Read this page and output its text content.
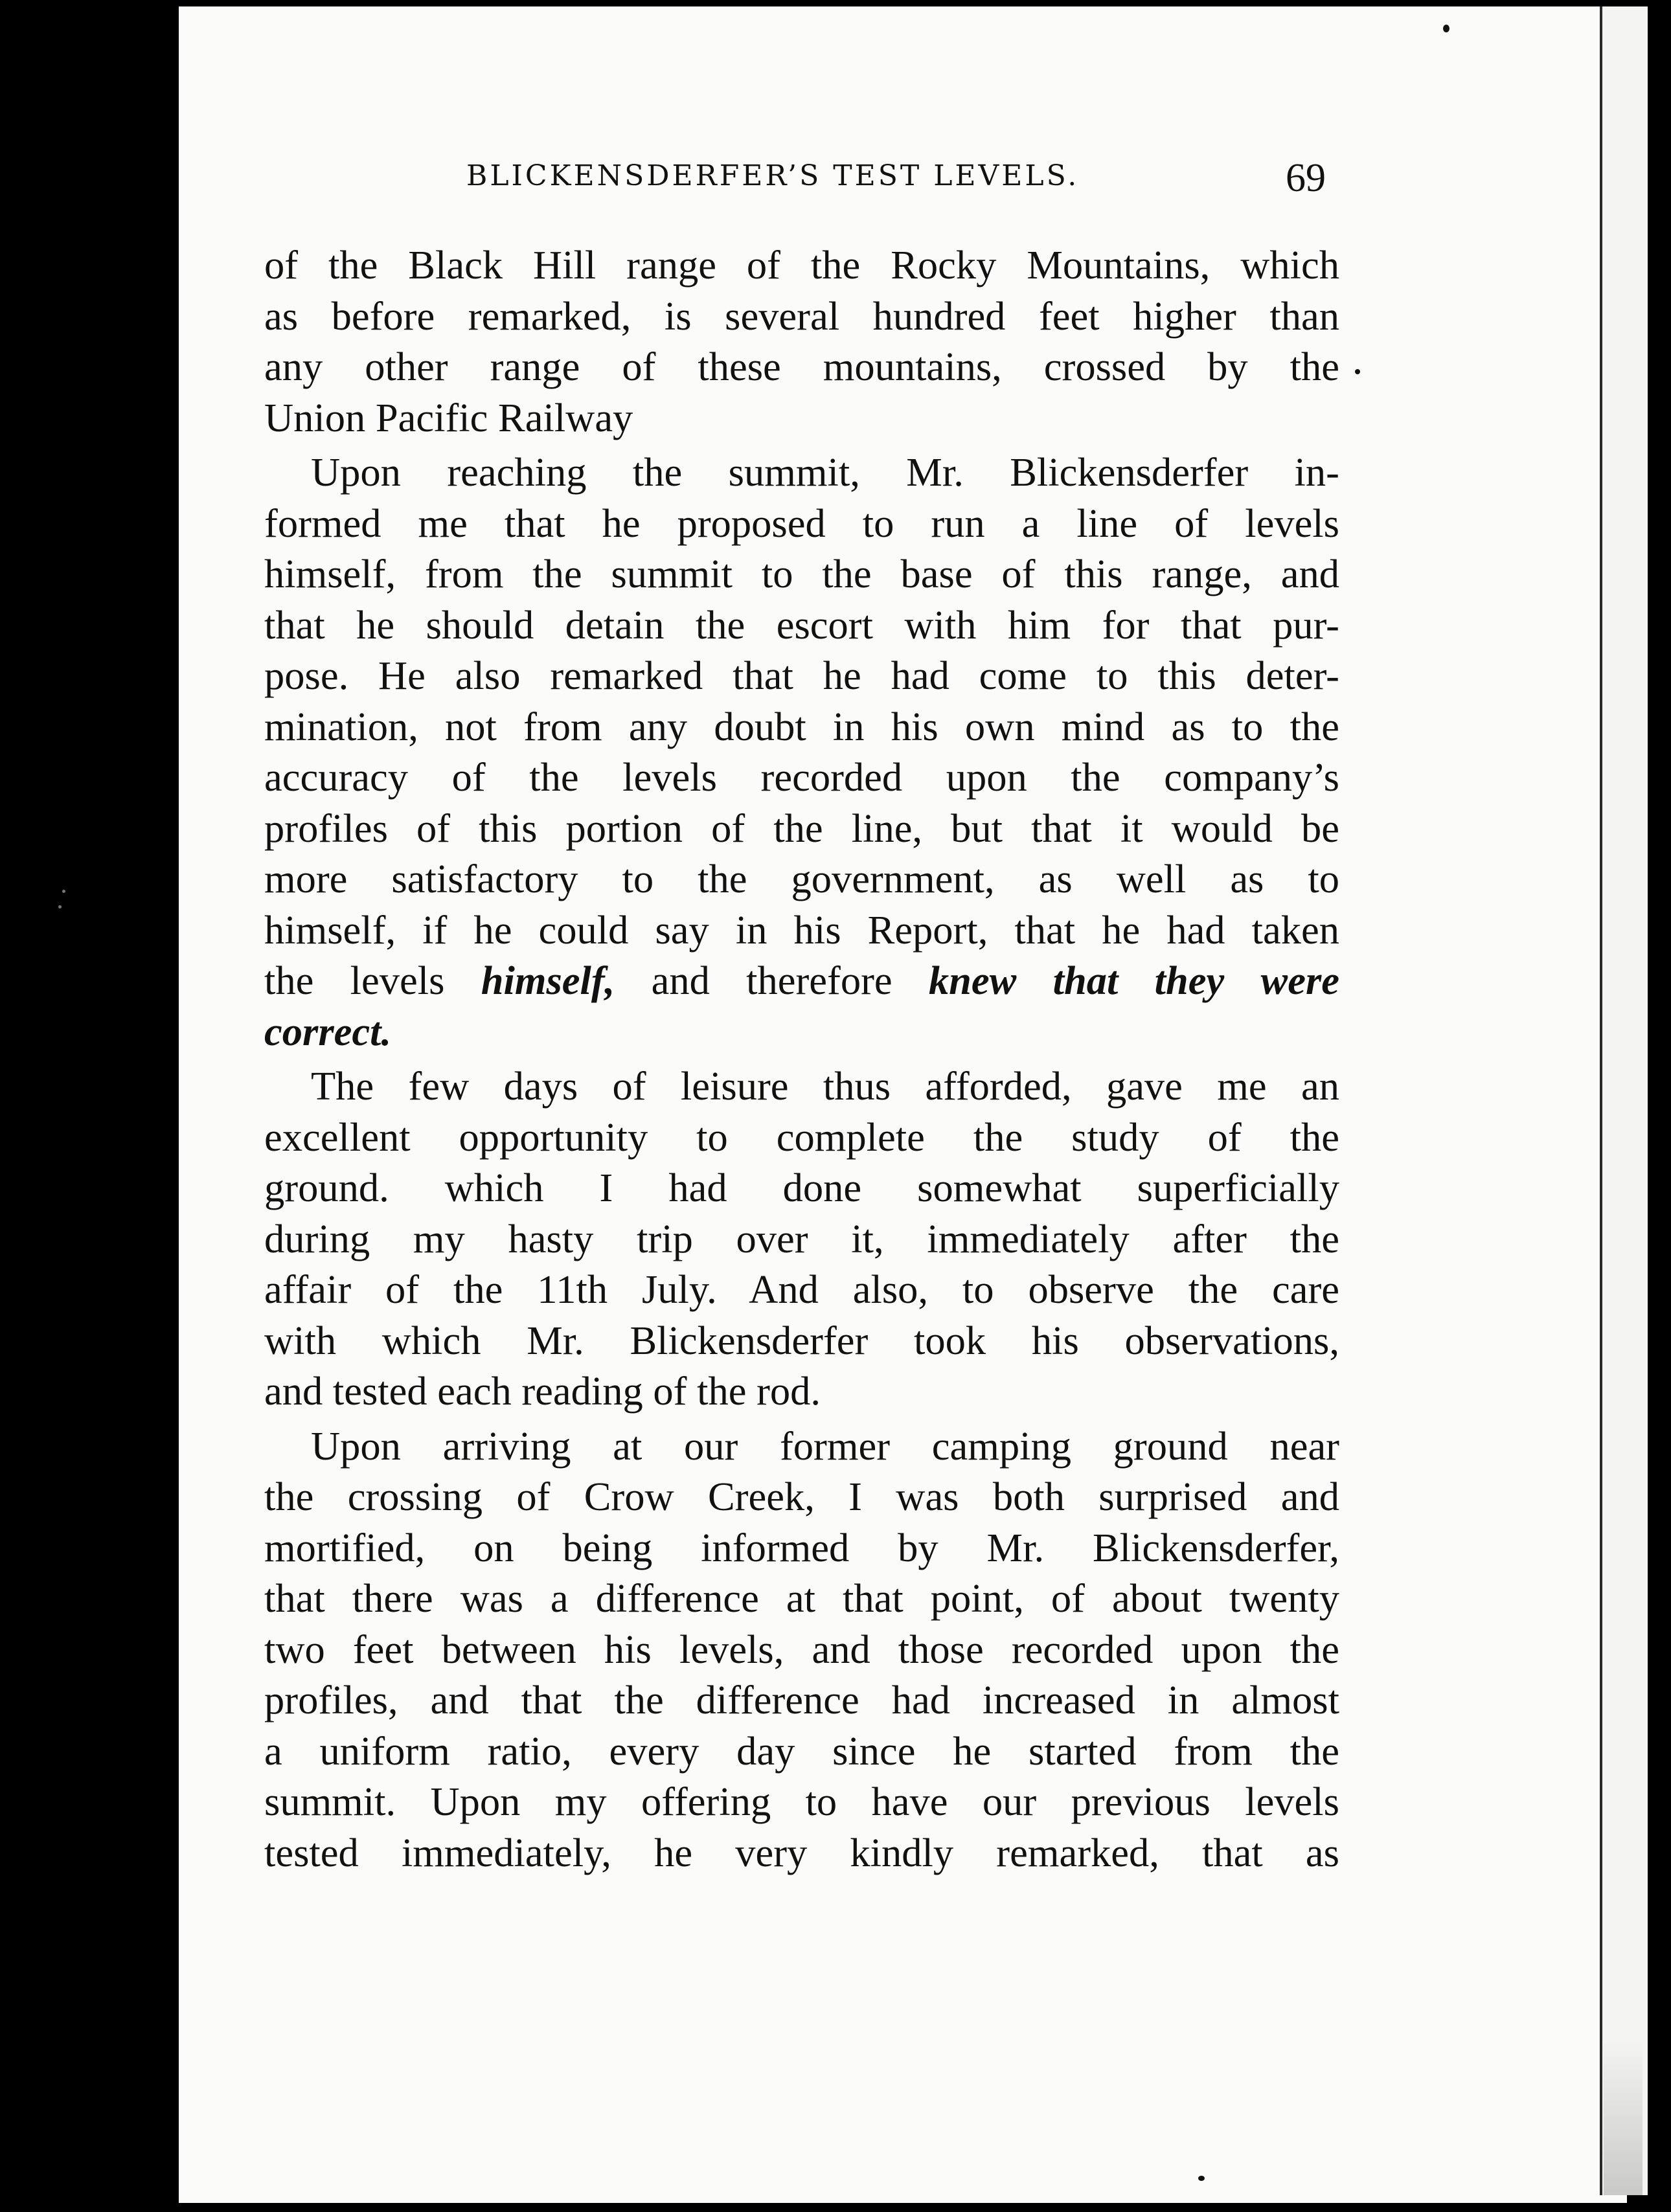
BLICKENSDERFER’S TEST LEVELS.	69
of the Black Hill range of the Rocky Mountains, which
as before remarked, is several hundred feet higher than
any other range of these mountains, crossed by the
Union Pacific Railway
Upon reaching the summit, Mr. Blickensderfer in-
formed me that he proposed to run a line of levels
himself, from the summit to the base of this range, and
that he should detain the escort with him for that pur-
pose. He also remarked that he had come to this deter-
mination, not from any doubt in his own mind as to the
accuracy of the levels recorded upon the company’s
profiles of this portion of the line, but that it would be
more satisfactory to the government, as well as to
himself, if he could say in his Report, that he had taken
the levels himself, and therefore knew that they were
correct.
The few days of leisure thus afforded, gave me an
excellent opportunity to complete the study of the
ground. which I had done somewhat superficially
during my hasty trip over it, immediately after the
affair of the 11th July. And also, to observe the care
with which Mr. Blickensderfer took his observations,
and tested each reading of the rod.
Upon arriving at our former camping ground near
the crossing of Crow Creek, I was both surprised and
mortified, on being informed by Mr. Blickensderfer,
that there was a difference at that point, of about twenty
two feet between his levels, and those recorded upon the
profiles, and that the difference had increased in almost
a uniform ratio, every day since he started from the
summit. Upon my offering to have our previous levels
tested immediately, he very kindly remarked, that as
